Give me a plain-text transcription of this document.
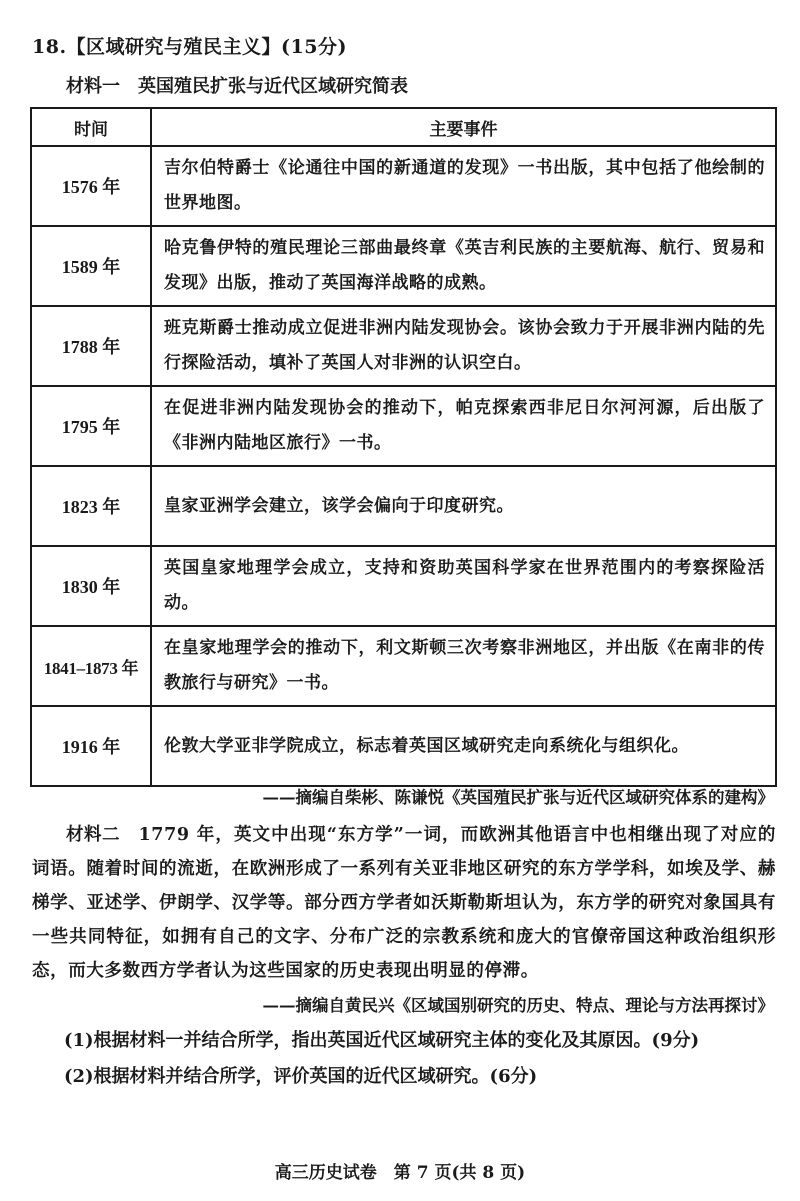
18.【区域研究与殖民主义】(15分)
材料一　英国殖民扩张与近代区域研究简表
时间	主要事件
1576 年	吉尔伯特爵士《论通往中国的新通道的发现》一书出版，其中包括了他绘制的世界地图。
1589 年	哈克鲁伊特的殖民理论三部曲最终章《英吉利民族的主要航海、航行、贸易和发现》出版，推动了英国海洋战略的成熟。
1788 年	班克斯爵士推动成立促进非洲内陆发现协会。该协会致力于开展非洲内陆的先行探险活动，填补了英国人对非洲的认识空白。
1795 年	在促进非洲内陆发现协会的推动下，帕克探索西非尼日尔河河源，后出版了《非洲内陆地区旅行》一书。
1823 年	皇家亚洲学会建立，该学会偏向于印度研究。
1830 年	英国皇家地理学会成立，支持和资助英国科学家在世界范围内的考察探险活动。
1841–1873 年	在皇家地理学会的推动下，利文斯顿三次考察非洲地区，并出版《在南非的传教旅行与研究》一书。
1916 年	伦敦大学亚非学院成立，标志着英国区域研究走向系统化与组织化。
——摘编自柴彬、陈谦悦《英国殖民扩张与近代区域研究体系的建构》
材料二　 1779 年，英文中出现“东方学”一词，而欧洲其他语言中也相继出现了对应的词语。随着时间的流逝，在欧洲形成了一系列有关亚非地区研究的东方学学科，如埃及学、赫梯学、亚述学、伊朗学、汉学等。部分西方学者如沃斯勒斯坦认为，东方学的研究对象国具有一些共同特征，如拥有自己的文字、分布广泛的宗教系统和庞大的官僚帝国这种政治组织形态，而大多数西方学者认为这些国家的历史表现出明显的停滞。
——摘编自黄民兴《区域国别研究的历史、特点、理论与方法再探讨》
(1)根据材料一并结合所学，指出英国近代区域研究主体的变化及其原因。(9分)
(2)根据材料并结合所学，评价英国的近代区域研究。(6分)
高三历史试卷　第 7 页(共 8 页)
